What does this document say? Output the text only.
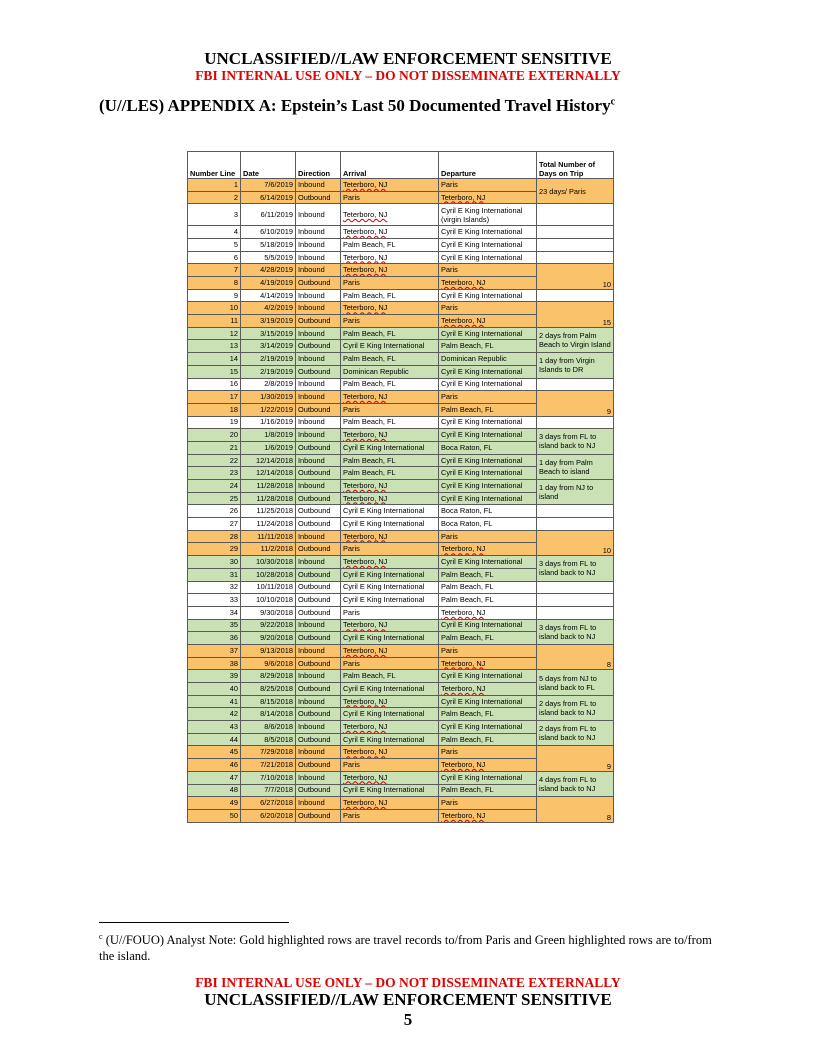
UNCLASSIFIED//LAW ENFORCEMENT SENSITIVE
FBI INTERNAL USE ONLY – DO NOT DISSEMINATE EXTERNALLY
(U//LES) APPENDIX A: Epstein’s Last 50 Documented Travel History$^c$
Number Line	Date	Direction	Arrival	Departure	Total Number of Days on Trip
1	7/6/2019	Inbound	Teterboro, NJ	Paris	23 days/ Paris
2	6/14/2019	Outbound	Paris	Teterboro, NJ	
3	6/11/2019	Inbound	Teterboro, NJ	Cyril E King International (virgin Islands)	
4	6/10/2019	Inbound	Teterboro, NJ	Cyril E King International	
5	5/18/2019	Inbound	Palm Beach, FL	Cyril E King International	
6	5/5/2019	Inbound	Teterboro, NJ	Cyril E King International	
7	4/28/2019	Inbound	Teterboro, NJ	Paris	10
8	4/19/2019	Outbound	Paris	Teterboro, NJ	
9	4/14/2019	Inbound	Palm Beach, FL	Cyril E King International	
10	4/2/2019	Inbound	Teterboro, NJ	Paris	15
11	3/19/2019	Outbound	Paris	Teterboro, NJ	
12	3/15/2019	Inbound	Palm Beach, FL	Cyril E King International	2 days from Palm Beach to Virgin Island
13	3/14/2019	Outbound	Cyril E King International	Palm Beach, FL	
14	2/19/2019	Inbound	Palm Beach, FL	Dominican Republic	1 day from Virgin Islands to DR
15	2/19/2019	Outbound	Dominican Republic	Cyril E King International	
16	2/8/2019	Inbound	Palm Beach, FL	Cyril E King International	
17	1/30/2019	Inbound	Teterboro, NJ	Paris	9
18	1/22/2019	Outbound	Paris	Palm Beach, FL	
19	1/16/2019	Inbound	Palm Beach, FL	Cyril E King International	
20	1/8/2019	Inbound	Teterboro, NJ	Cyril E King International	3 days from FL to island back to NJ
21	1/6/2019	Outbound	Cyril E King International	Boca Raton, FL	
22	12/14/2018	Inbound	Palm Beach, FL	Cyril E King International	1 day from Palm Beach to island
23	12/14/2018	Outbound	Palm Beach, FL	Cyril E King International	
24	11/28/2018	Inbound	Teterboro, NJ	Cyril E King International	1 day from NJ to island
25	11/28/2018	Outbound	Teterboro, NJ	Cyril E King International	
26	11/25/2018	Outbound	Cyril E King International	Boca Raton, FL	
27	11/24/2018	Outbound	Cyril E King International	Boca Raton, FL	
28	11/11/2018	Inbound	Teterboro, NJ	Paris	10
29	11/2/2018	Outbound	Paris	Teterboro, NJ	
30	10/30/2018	Inbound	Teterboro, NJ	Cyril E King International	3 days from FL to island back to NJ
31	10/28/2018	Outbound	Cyril E King International	Palm Beach, FL	
32	10/11/2018	Outbound	Cyril E King International	Palm Beach, FL	
33	10/10/2018	Outbound	Cyril E King International	Palm Beach, FL	
34	9/30/2018	Outbound	Paris	Teterboro, NJ	
35	9/22/2018	Inbound	Teterboro, NJ	Cyril E King International	3 days from FL to island back to NJ
36	9/20/2018	Outbound	Cyril E King International	Palm Beach, FL	
37	9/13/2018	Inbound	Teterboro, NJ	Paris	8
38	9/6/2018	Outbound	Paris	Teterboro, NJ	
39	8/29/2018	Inbound	Palm Beach, FL	Cyril E King International	5 days from NJ to island back to FL
40	8/25/2018	Outbound	Cyril E King International	Teterboro, NJ	
41	8/15/2018	Inbound	Teterboro, NJ	Cyril E King International	2 days from FL to island back to NJ
42	8/14/2018	Outbound	Cyril E King International	Palm Beach, FL	
43	8/6/2018	Inbound	Teterboro, NJ	Cyril E King International	2 days from FL to island back to NJ
44	8/5/2018	Outbound	Cyril E King International	Palm Beach, FL	
45	7/29/2018	Inbound	Teterboro, NJ	Paris	9
46	7/21/2018	Outbound	Paris	Teterboro, NJ	
47	7/10/2018	Inbound	Teterboro, NJ	Cyril E King International	4 days from FL to island back to NJ
48	7/7/2018	Outbound	Cyril E King International	Palm Beach, FL	
49	6/27/2018	Inbound	Teterboro, NJ	Paris	8
50	6/20/2018	Outbound	Paris	Teterboro, NJ	
$^c$ (U//FOUO) Analyst Note: Gold highlighted rows are travel records to/from Paris and Green highlighted rows are to/from the island.
FBI INTERNAL USE ONLY – DO NOT DISSEMINATE EXTERNALLY
UNCLASSIFIED//LAW ENFORCEMENT SENSITIVE
5
